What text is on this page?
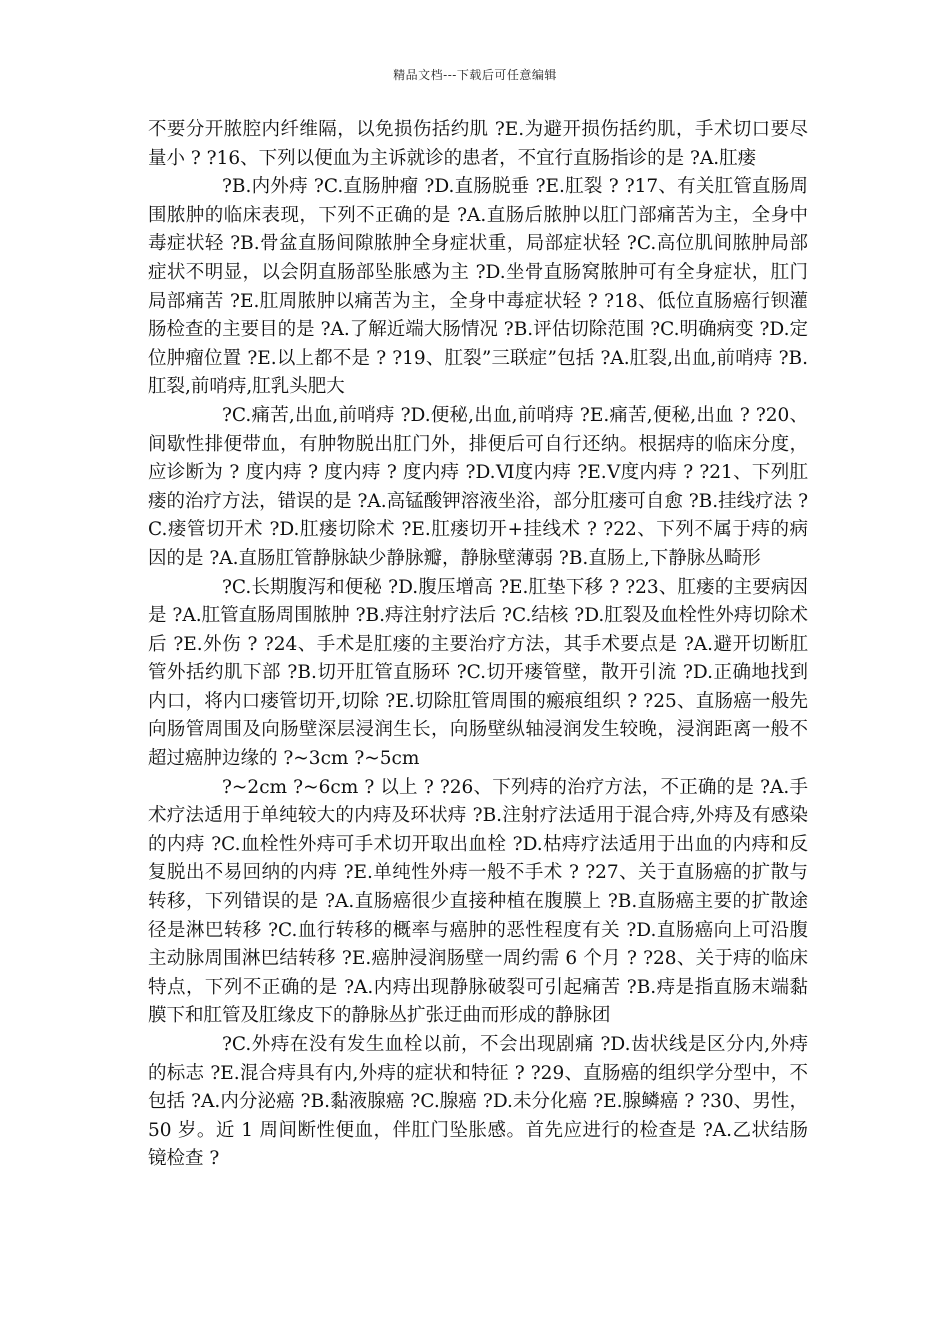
精品文档---下载后可任意编辑

不要分开脓腔内纤维隔，以免损伤括约肌 ?E.为避开损伤括约肌，手术切口要尽量小 ? ?16、下列以便血为主诉就诊的患者，不宜行直肠指诊的是 ?A.肛瘘

?B.内外痔 ?C.直肠肿瘤 ?D.直肠脱垂 ?E.肛裂 ? ?17、有关肛管直肠周围脓肿的临床表现，下列不正确的是 ?A.直肠后脓肿以肛门部痛苦为主，全身中毒症状轻 ?B.骨盆直肠间隙脓肿全身症状重，局部症状轻 ?C.高位肌间脓肿局部症状不明显，以会阴直肠部坠胀感为主 ?D.坐骨直肠窝脓肿可有全身症状，肛门局部痛苦 ?E.肛周脓肿以痛苦为主，全身中毒症状轻 ? ?18、低位直肠癌行钡灌肠检查的主要目的是 ?A.了解近端大肠情况 ?B.评估切除范围 ?C.明确病变 ?D.定位肿瘤位置 ?E.以上都不是 ? ?19、肛裂”三联症”包括 ?A.肛裂,出血,前哨痔 ?B.肛裂,前哨痔,肛乳头肥大

?C.痛苦,出血,前哨痔 ?D.便秘,出血,前哨痔 ?E.痛苦,便秘,出血 ? ?20、间歇性排便带血，有肿物脱出肛门外，排便后可自行还纳。根据痔的临床分度，应诊断为 ? 度内痔 ? 度内痔 ? 度内痔 ?D.Ⅵ度内痔 ?E.Ⅴ度内痔 ? ?21、下列肛瘘的治疗方法，错误的是 ?A.高锰酸钾溶液坐浴，部分肛瘘可自愈 ?B.挂线疗法 ?C.瘘管切开术 ?D.肛瘘切除术 ?E.肛瘘切开+挂线术 ? ?22、下列不属于痔的病因的是 ?A.直肠肛管静脉缺少静脉瓣，静脉壁薄弱 ?B.直肠上,下静脉丛畸形

?C.长期腹泻和便秘 ?D.腹压增高 ?E.肛垫下移 ? ?23、肛瘘的主要病因是 ?A.肛管直肠周围脓肿 ?B.痔注射疗法后 ?C.结核 ?D.肛裂及血栓性外痔切除术后 ?E.外伤 ? ?24、手术是肛瘘的主要治疗方法，其手术要点是 ?A.避开切断肛管外括约肌下部 ?B.切开肛管直肠环 ?C.切开瘘管壁，散开引流 ?D.正确地找到内口，将内口瘘管切开,切除 ?E.切除肛管周围的瘢痕组织 ? ?25、直肠癌一般先向肠管周围及向肠壁深层浸润生长，向肠壁纵轴浸润发生较晚，浸润距离一般不超过癌肿边缘的 ?~3cm ?~5cm

?~2cm ?~6cm ? 以上 ? ?26、下列痔的治疗方法，不正确的是 ?A.手术疗法适用于单纯较大的内痔及环状痔 ?B.注射疗法适用于混合痔,外痔及有感染的内痔 ?C.血栓性外痔可手术切开取出血栓 ?D.枯痔疗法适用于出血的内痔和反复脱出不易回纳的内痔 ?E.单纯性外痔一般不手术 ? ?27、关于直肠癌的扩散与转移，下列错误的是 ?A.直肠癌很少直接种植在腹膜上 ?B.直肠癌主要的扩散途径是淋巴转移 ?C.血行转移的概率与癌肿的恶性程度有关 ?D.直肠癌向上可沿腹主动脉周围淋巴结转移 ?E.癌肿浸润肠壁一周约需 6 个月 ? ?28、关于痔的临床特点，下列不正确的是 ?A.内痔出现静脉破裂可引起痛苦 ?B.痔是指直肠末端黏膜下和肛管及肛缘皮下的静脉丛扩张迂曲而形成的静脉团

?C.外痔在没有发生血栓以前，不会出现剧痛 ?D.齿状线是区分内,外痔的标志 ?E.混合痔具有内,外痔的症状和特征 ? ?29、直肠癌的组织学分型中，不包括 ?A.内分泌癌 ?B.黏液腺癌 ?C.腺癌 ?D.未分化癌 ?E.腺鳞癌 ? ?30、男性，50 岁。近 1 周间断性便血，伴肛门坠胀感。首先应进行的检查是 ?A.乙状结肠镜检查 ?
